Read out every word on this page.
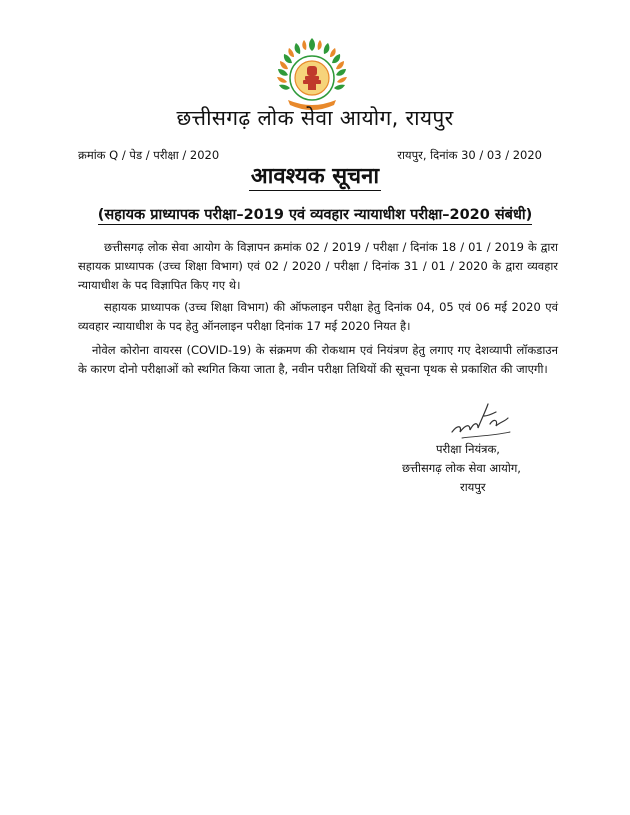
छत्तीसगढ़ लोक सेवा आयोग, रायपुर
क्रमांक Q / पेड / परीक्षा / 2020	रायपुर, दिनांक 30 / 03 / 2020
आवश्यक सूचना
(सहायक प्राध्यापक परीक्षा–2019 एवं व्यवहार न्यायाधीश परीक्षा–2020 संबंधी)
छत्तीसगढ़ लोक सेवा आयोग के विज्ञापन क्रमांक 02 / 2019 / परीक्षा / दिनांक 18 / 01 / 2019 के द्वारा सहायक प्राध्यापक (उच्च शिक्षा विभाग) एवं 02 / 2020 / परीक्षा / दिनांक 31 / 01 / 2020 के द्वारा व्यवहार न्यायाधीश के पद विज्ञापित किए गए थे।
सहायक प्राध्यापक (उच्च शिक्षा विभाग) की ऑफलाइन परीक्षा हेतु दिनांक 04, 05 एवं 06 मई 2020 एवं व्यवहार न्यायाधीश के पद हेतु ऑनलाइन परीक्षा दिनांक 17 मई 2020 नियत है।
नोवेल कोरोना वायरस (COVID-19) के संक्रमण की रोकथाम एवं नियंत्रण हेतु लगाए गए देशव्यापी लॉकडाउन के कारण दोनो परीक्षाओं को स्थगित किया जाता है, नवीन परीक्षा तिथियों की सूचना पृथक से प्रकाशित की जाएगी।
परीक्षा नियंत्रक,
छत्तीसगढ़ लोक सेवा आयोग,
रायपुर
